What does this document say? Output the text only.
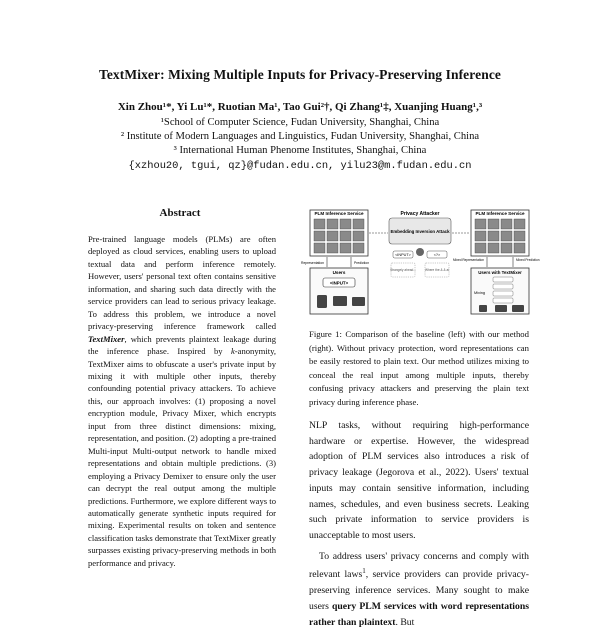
TextMixer: Mixing Multiple Inputs for Privacy-Preserving Inference
Xin Zhou¹*, Yi Lu¹*, Ruotian Ma¹, Tao Gui²†, Qi Zhang¹‡, Xuanjing Huang¹,³
¹School of Computer Science, Fudan University, Shanghai, China
² Institute of Modern Languages and Linguistics, Fudan University, Shanghai, China
³ International Human Phenome Institutes, Shanghai, China
{xzhou20, tgui, qz}@fudan.edu.cn, yilu23@m.fudan.edu.cn
Abstract

Pre-trained language models (PLMs) are often deployed as cloud services, enabling users to upload textual data and perform inference remotely. However, users' personal text often contains sensitive information, and sharing such data directly with the service providers can lead to serious privacy leakage. To address this problem, we introduce a novel privacy-preserving inference framework called TextMixer, which prevents plaintext leakage during the inference phase. Inspired by k-anonymity, TextMixer aims to obfuscate a user's private input by mixing it with multiple other inputs, thereby confounding potential privacy attackers. To achieve this, our approach involves: (1) proposing a novel encryption module, Privacy Mixer, which encrypts input from three distinct dimensions: mixing, representation, and position. (2) adopting a pre-trained Multi-input Multi-output network to handle mixed representations and obtain multiple predictions. (3) employing a Privacy Demixer to ensure only the user can decrypt the real output among the multiple predictions. Furthermore, we explore different ways to automatically generate synthetic inputs required for mixing. Experimental results on token and sentence classification tasks demonstrate that TextMixer greatly surpasses existing privacy-preserving methods in both performance and privacy.

PLM Inference Service	Privacy Attacker
Embedding Inversion Attack
<INPUT>	<?>
Strangely ahead...	Where the & & ai
PLM Inference Service
Representation	Prediction
Mixed Representation	Mixed Prediction
Users
<INPUT>
Users with TextMixer
Mixing
Figure 1: Comparison of the baseline (left) with our method (right). Without privacy protection, word representations can be easily restored to plain text. Our method utilizes mixing to conceal the real input among multiple inputs, thereby confusing privacy attackers and preserving the plain text privacy during inference phase.

NLP tasks, without requiring high-performance hardware or expertise. However, the widespread adoption of PLM services also introduces a risk of privacy leakage (Jegorova et al., 2022). Users' textual inputs may contain sensitive information, including names, schedules, and even business secrets. Leaking such private information to service providers is unacceptable to most users.

To address users' privacy concerns and comply with relevant laws$^1$, service providers can provide privacy-preserving inference services. Many sought to make users query PLM services with word representations rather than plaintext. But
